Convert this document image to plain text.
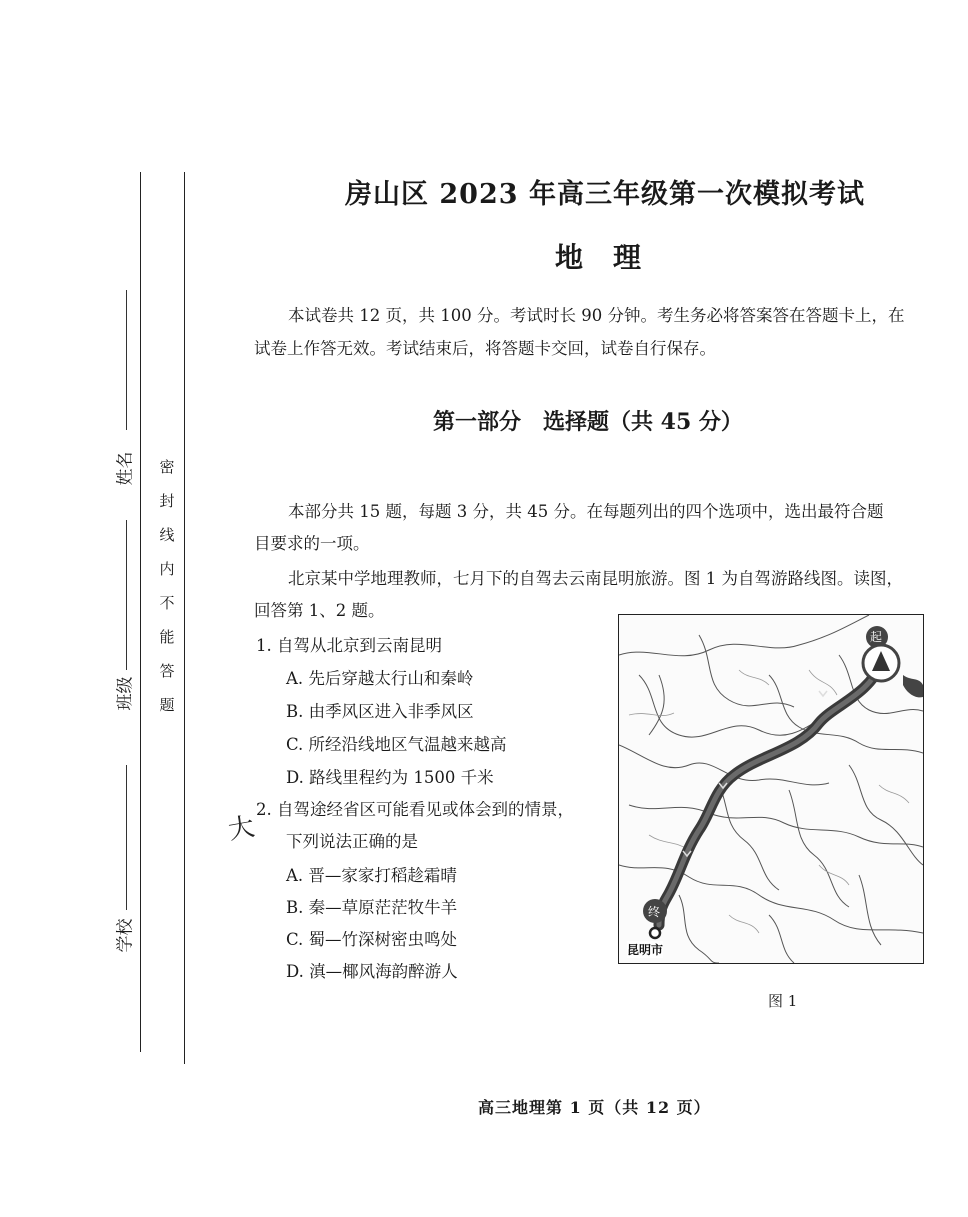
姓名
班级
学校
密
封
线
内
不
能
答
题
房山区 2023 年高三年级第一次模拟考试
地理
本试卷共 12 页，共 100 分。考试时长 90 分钟。考生务必将答案答在答题卡上，在
试卷上作答无效。考试结束后，将答题卡交回，试卷自行保存。
第一部分　选择题（共 45 分）
本部分共 15 题，每题 3 分，共 45 分。在每题列出的四个选项中，选出最符合题
目要求的一项。
北京某中学地理教师，七月下的自驾去云南昆明旅游。图 1 为自驾游路线图。读图，
回答第 1、2 题。
1. 自驾从北京到云南昆明
A. 先后穿越太行山和秦岭
B. 由季风区进入非季风区
C. 所经沿线地区气温越来越高
D. 路线里程约为 1500 千米
大
2. 自驾途经省区可能看见或体会到的情景，
下列说法正确的是
A. 晋—家家打稻趁霜晴
B. 秦—草原茫茫牧牛羊
C. 蜀—竹深树密虫鸣处
D. 滇—椰风海韵醉游人
起
终
昆明市
图 1
高三地理第 1 页（共 12 页）
